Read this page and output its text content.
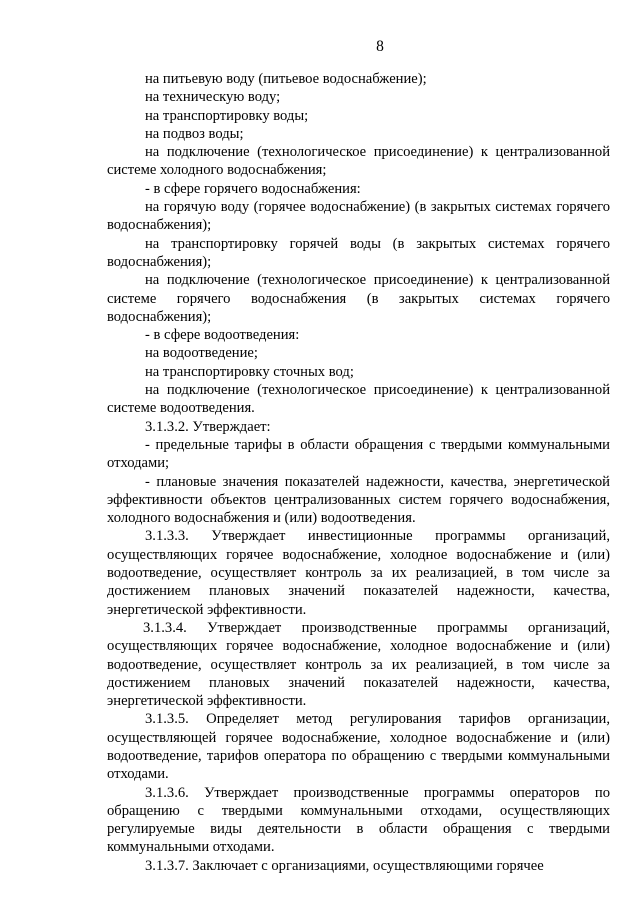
8

на питьевую воду (питьевое водоснабжение);

на техническую воду;

на транспортировку воды;

на подвоз воды;

на подключение (технологическое присоединение) к централизованной системе холодного водоснабжения;

- в сфере горячего водоснабжения:

на горячую воду (горячее водоснабжение) (в закрытых системах горячего водоснабжения);

на транспортировку горячей воды (в закрытых системах горячего водоснабжения);

на подключение (технологическое присоединение) к централизованной системе горячего водоснабжения (в закрытых системах горячего водоснабжения);

- в сфере водоотведения:

на водоотведение;

на транспортировку сточных вод;

на подключение (технологическое присоединение) к централизованной системе водоотведения.

3.1.3.2. Утверждает:

- предельные тарифы в области обращения с твердыми коммунальными отходами;

- плановые значения показателей надежности, качества, энергетической эффективности объектов централизованных систем горячего водоснабжения, холодного водоснабжения и (или) водоотведения.

3.1.3.3. Утверждает инвестиционные программы организаций, осуществляющих горячее водоснабжение, холодное водоснабжение и (или) водоотведение, осуществляет контроль за их реализацией, в том числе за достижением плановых значений показателей надежности, качества, энергетической эффективности.

3.1.3.4. Утверждает производственные программы организаций, осуществляющих горячее водоснабжение, холодное водоснабжение и (или) водоотведение, осуществляет контроль за их реализацией, в том числе за достижением плановых значений показателей надежности, качества, энергетической эффективности.

3.1.3.5. Определяет метод регулирования тарифов организации, осуществляющей горячее водоснабжение, холодное водоснабжение и (или) водоотведение, тарифов оператора по обращению с твердыми коммунальными отходами.

3.1.3.6. Утверждает производственные программы операторов по обращению с твердыми коммунальными отходами, осуществляющих регулируемые виды деятельности в области обращения с твердыми коммунальными отходами.

3.1.3.7. Заключает с организациями, осуществляющими горячее
